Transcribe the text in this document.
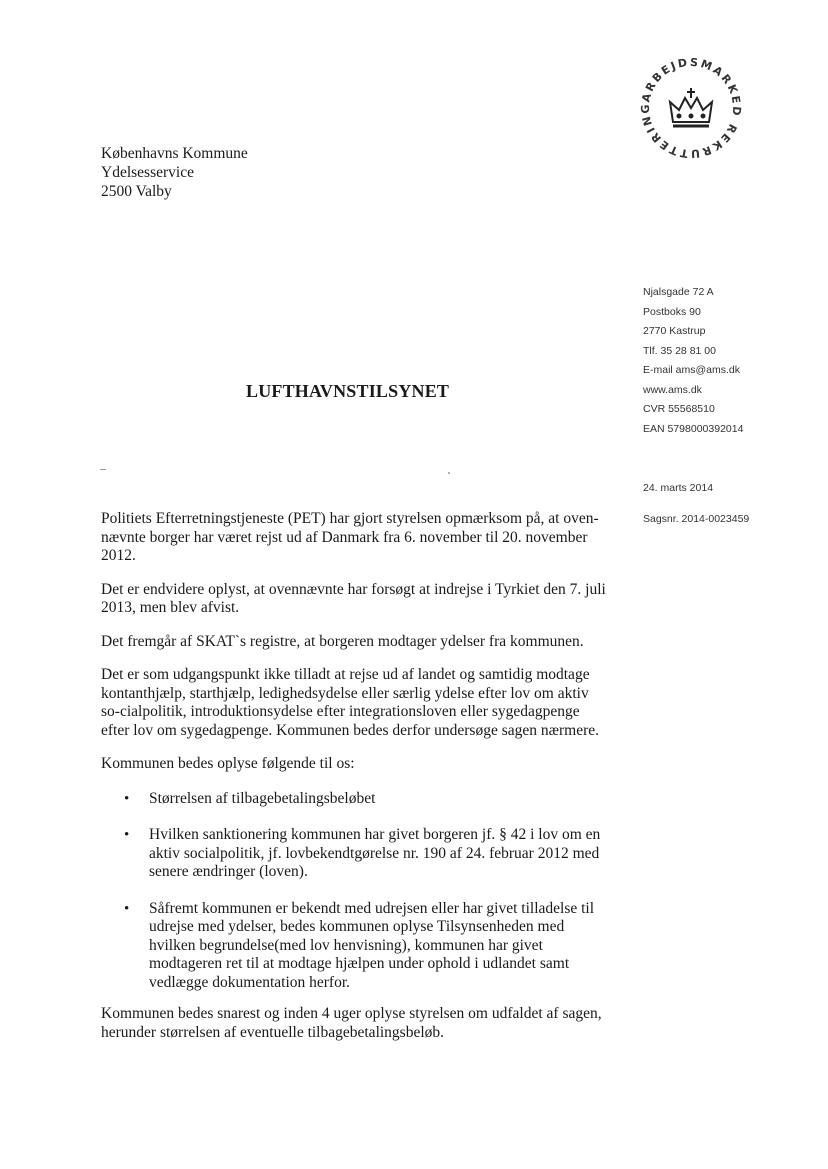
ARBEJDSMARKED REKRUTTERING
Københavns Kommune
Ydelsesservice
2500 Valby
Njalsgade 72 A
Postboks 90
2770 Kastrup
Tlf. 35 28 81 00
E-mail ams@ams.dk
www.ams.dk
CVR 55568510
EAN 5798000392014
24. marts 2014
Sagsnr. 2014-0023459
LUFTHAVNSTILSYNET

Politiets Efterretningstjeneste (PET) har gjort styrelsen opmærksom på, at oven-nævnte borger har været rejst ud af Danmark fra 6. november til 20. november 2012.

Det er endvidere oplyst, at ovennævnte har forsøgt at indrejse i Tyrkiet den 7. juli 2013, men blev afvist.

Det fremgår af SKAT`s registre, at borgeren modtager ydelser fra kommunen.

Det er som udgangspunkt ikke tilladt at rejse ud af landet og samtidig modtage kontanthjælp, starthjælp, ledighedsydelse eller særlig ydelse efter lov om aktiv so-cialpolitik, introduktionsydelse efter integrationsloven eller sygedagpenge efter lov om sygedagpenge. Kommunen bedes derfor undersøge sagen nærmere.

Kommunen bedes oplyse følgende til os:

• Størrelsen af tilbagebetalingsbeløbet
• Hvilken sanktionering kommunen har givet borgeren jf. § 42 i lov om en aktiv socialpolitik, jf. lovbekendtgørelse nr. 190 af 24. februar 2012 med senere ændringer (loven).
• Såfremt kommunen er bekendt med udrejsen eller har givet tilladelse til udrejse med ydelser, bedes kommunen oplyse Tilsynsenheden med hvilken begrundelse(med lov henvisning), kommunen har givet modtageren ret til at modtage hjælpen under ophold i udlandet samt vedlægge dokumentation herfor.

Kommunen bedes snarest og inden 4 uger oplyse styrelsen om udfaldet af sagen, herunder størrelsen af eventuelle tilbagebetalingsbeløb.
